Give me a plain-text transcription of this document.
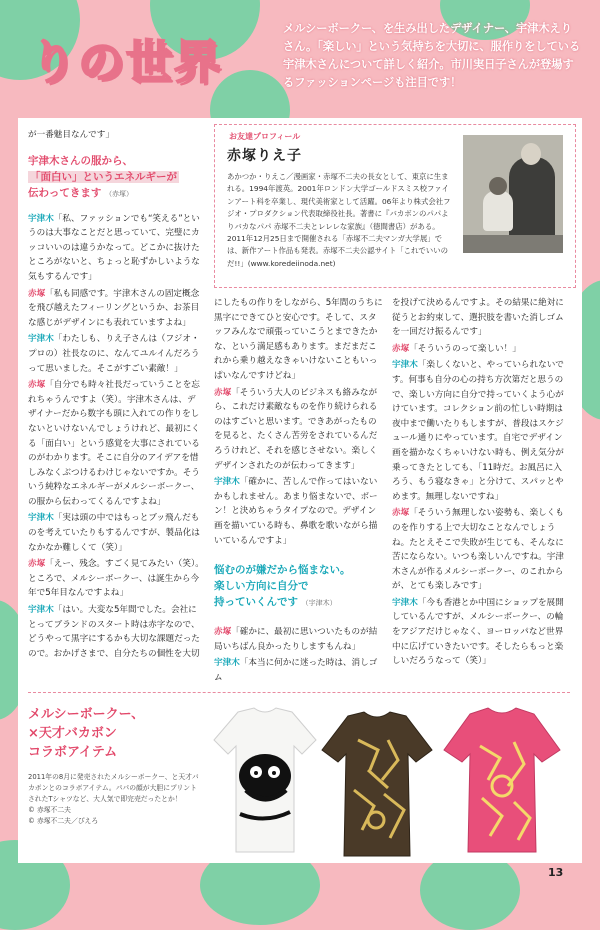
りの世界
メルシーボークー、を生み出したデザイナー、宇津木えりさん。「楽しい」という気持ちを大切に、服作りをしている宇津木さんについて詳しく紹介。市川実日子さんが登場するファッションページも注目です！

が一番魅目なんです」

宇津木さんの服から、
「面白い」というエネルギーが
伝わってきます （赤塚）

宇津木「私、ファッションでも“笑える”というのは大事なことだと思っていて、完璧にカッコいいのは違うかなって。どこかに抜けたところがないと、ちょっと恥ずかしいような気もするんです」

赤塚「私も同感です。宇津木さんの固定概念を飛び越えたフィーリングというか、お茶目な感じがデザインにも表れていますよね」

宇津木「わたしも、りえ子さんは（フジオ・プロの）社長なのに、なんてユルイんだろうって思いました。そこがすごい素敵！」

赤塚「自分でも時々社長だっていうことを忘れちゃうんですよ（笑）。宇津木さんは、デザイナーだから数字も頭に入れての作りをしないといけないんでしょうけれど、最初にくる「面白い」という感覚を大事にされているのがわかります。そこに自分のアイデアを惜しみなくぶつけるわけじゃないですか。そういう純粋なエネルギーがメルシーボークー、の服から伝わってくるんですよね」

宇津木「実は頭の中ではもっとブッ飛んだものを考えていたりもするんですが、製品化はなかなか難しくて（笑）」

赤塚「えー、残念。すごく見てみたい（笑）。ところで、メルシーボークー、は誕生から今年で5年目なんですよね」

宇津木「はい。大変な5年間でした。会社にとってブランドのスタート時は赤字なので、どうやって黒字にするかも大切な課題だったので。おかげさまで、自分たちの個性を大切

お友達プロフィール
赤塚りえ子
あかつか・りえこ／漫画家・赤塚不二夫の長女として、東京に生まれる。1994年渡英。2001年ロンドン大学ゴールドスミス校ファインアート科を卒業し、現代美術家として活躍。06年より株式会社フジオ・プロダクション代表取締役社長。著書に『バカボンのパパよりバカなパパ 赤塚不二夫とレレレな家族』（徳間書店）がある。2011年12月25日まで開催される「赤塚不二夫マンガ大学展」では、新作アート作品も発表。赤塚不二夫公認サイト「これでいいのだ!!」(www.koredeiinoda.net)

にしたもの作りをしながら、5年間のうちに黒字にできてひと安心です。そして、スタッフみんなで頑張っていこうとまできたかな、という満足感もあります。まだまだこれから乗り越えなきゃいけないこともいっぱいなんですけどね」

赤塚「そういう大人のビジネスも絡みながら、これだけ素敵なものを作り続けられるのはすごいと思います。できあがったものを見ると、たくさん苦労をされているんだろうけれど、それを感じさせない。楽しくデザインされたのが伝わってきます」

宇津木「確かに、苦しんで作ってはいないかもしれません。あまり悩まないで、ボーン！と決めちゃうタイプなので。デザイン画を描いている時も、鼻歌を歌いながら描いているんですよ」

悩むのが嫌だから悩まない。
楽しい方向に自分で
持っていくんです （宇津木）

赤塚「確かに、最初に思いついたものが結局いちばん良かったりしますもんね」

宇津木「本当に何かに迷った時は、消しゴム

を投げて決めるんですよ。その結果に絶対に従うとお約束して、選択肢を書いた消しゴムを一回だけ振るんです」

赤塚「そういうのって楽しい！」

宇津木「楽しくないと、やっていられないです。何事も自分の心の持ち方次第だと思うので、楽しい方向に自分で持っていくよう心がけています。コレクション前の忙しい時期は夜中まで働いたりもしますが、普段はスケジュール通りにやっています。自宅でデザイン画を描かなくちゃいけない時も、例え気分が乗ってきたとしても、「11時だ。お風呂に入ろう、もう寝なきゃ」と分けて、スパッとやめます。無理しないですね」

赤塚「そういう無理しない姿勢も、楽しくものを作りする上で大切なことなんでしょうね。たとえそこで失敗が生じても、そんなに苦にならない。いつも楽しいんですね。宇津木さんが作るメルシーボークー、のこれからが、とても楽しみです」

宇津木「今も香港とか中国にショップを展開しているんですが、メルシーボークー、の輪をアジアだけじゃなく、ヨーロッパなど世界中に広げていきたいです。そしたらもっと楽しいだろうなって（笑）」

メルシーボークー、
×天才バカボン
コラボアイテム
2011年の8月に発売されたメルシーボークー、と天才バカボンとのコラボアイテム。パパの顔が大胆にプリントされたTシャツなど、大人気で即完売だったとか！
© 赤塚不二夫
© 赤塚不二夫／ぴえろ
13
